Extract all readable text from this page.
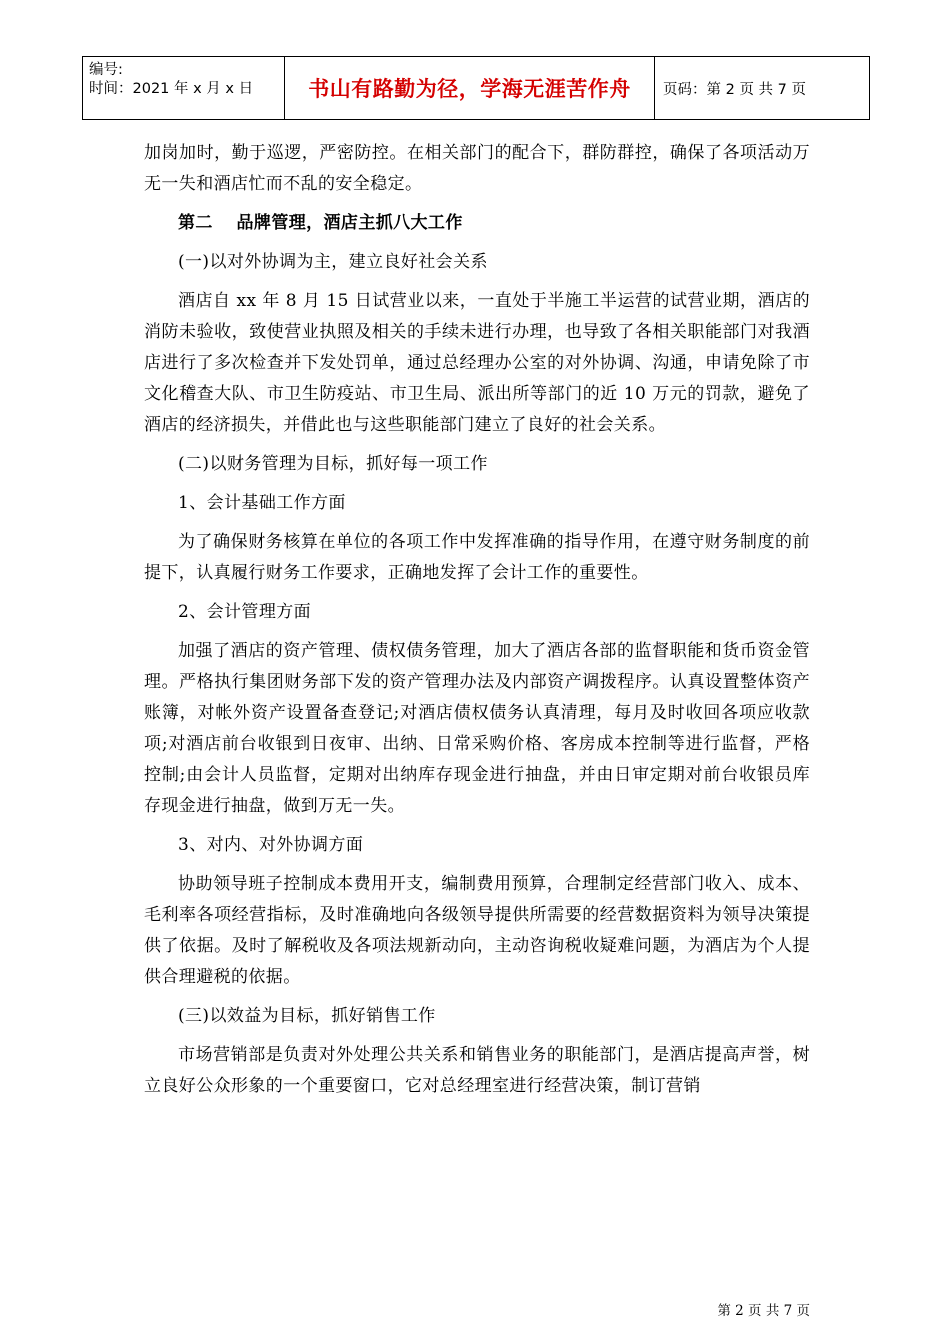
编号:
时间：2021 年 x 月 x 日	书山有路勤为径，学海无涯苦作舟	页码：第 2 页 共 7 页

加岗加时，勤于巡逻，严密防控。在相关部门的配合下，群防群控，确保了各项活动万无一失和酒店忙而不乱的安全稳定。

第二　 品牌管理，酒店主抓八大工作

(一)以对外协调为主，建立良好社会关系

酒店自 xx 年 8 月 15 日试营业以来，一直处于半施工半运营的试营业期，酒店的消防未验收，致使营业执照及相关的手续未进行办理，也导致了各相关职能部门对我酒店进行了多次检查并下发处罚单，通过总经理办公室的对外协调、沟通，申请免除了市文化稽查大队、市卫生防疫站、市卫生局、派出所等部门的近 10 万元的罚款，避免了酒店的经济损失，并借此也与这些职能部门建立了良好的社会关系。

(二)以财务管理为目标，抓好每一项工作

1、会计基础工作方面

为了确保财务核算在单位的各项工作中发挥准确的指导作用，在遵守财务制度的前提下，认真履行财务工作要求，正确地发挥了会计工作的重要性。

2、会计管理方面

加强了酒店的资产管理、债权债务管理，加大了酒店各部的监督职能和货币资金管理。严格执行集团财务部下发的资产管理办法及内部资产调拨程序。认真设置整体资产账簿，对帐外资产设置备查登记;对酒店债权债务认真清理，每月及时收回各项应收款项;对酒店前台收银到日夜审、出纳、日常采购价格、客房成本控制等进行监督，严格控制;由会计人员监督，定期对出纳库存现金进行抽盘，并由日审定期对前台收银员库存现金进行抽盘，做到万无一失。

3、对内、对外协调方面

协助领导班子控制成本费用开支，编制费用预算，合理制定经营部门收入、成本、毛利率各项经营指标，及时准确地向各级领导提供所需要的经营数据资料为领导决策提供了依据。及时了解税收及各项法规新动向，主动咨询税收疑难问题，为酒店为个人提供合理避税的依据。

(三)以效益为目标，抓好销售工作

市场营销部是负责对外处理公共关系和销售业务的职能部门，是酒店提高声誉，树立良好公众形象的一个重要窗口，它对总经理室进行经营决策，制订营销

第 2 页 共 7 页
